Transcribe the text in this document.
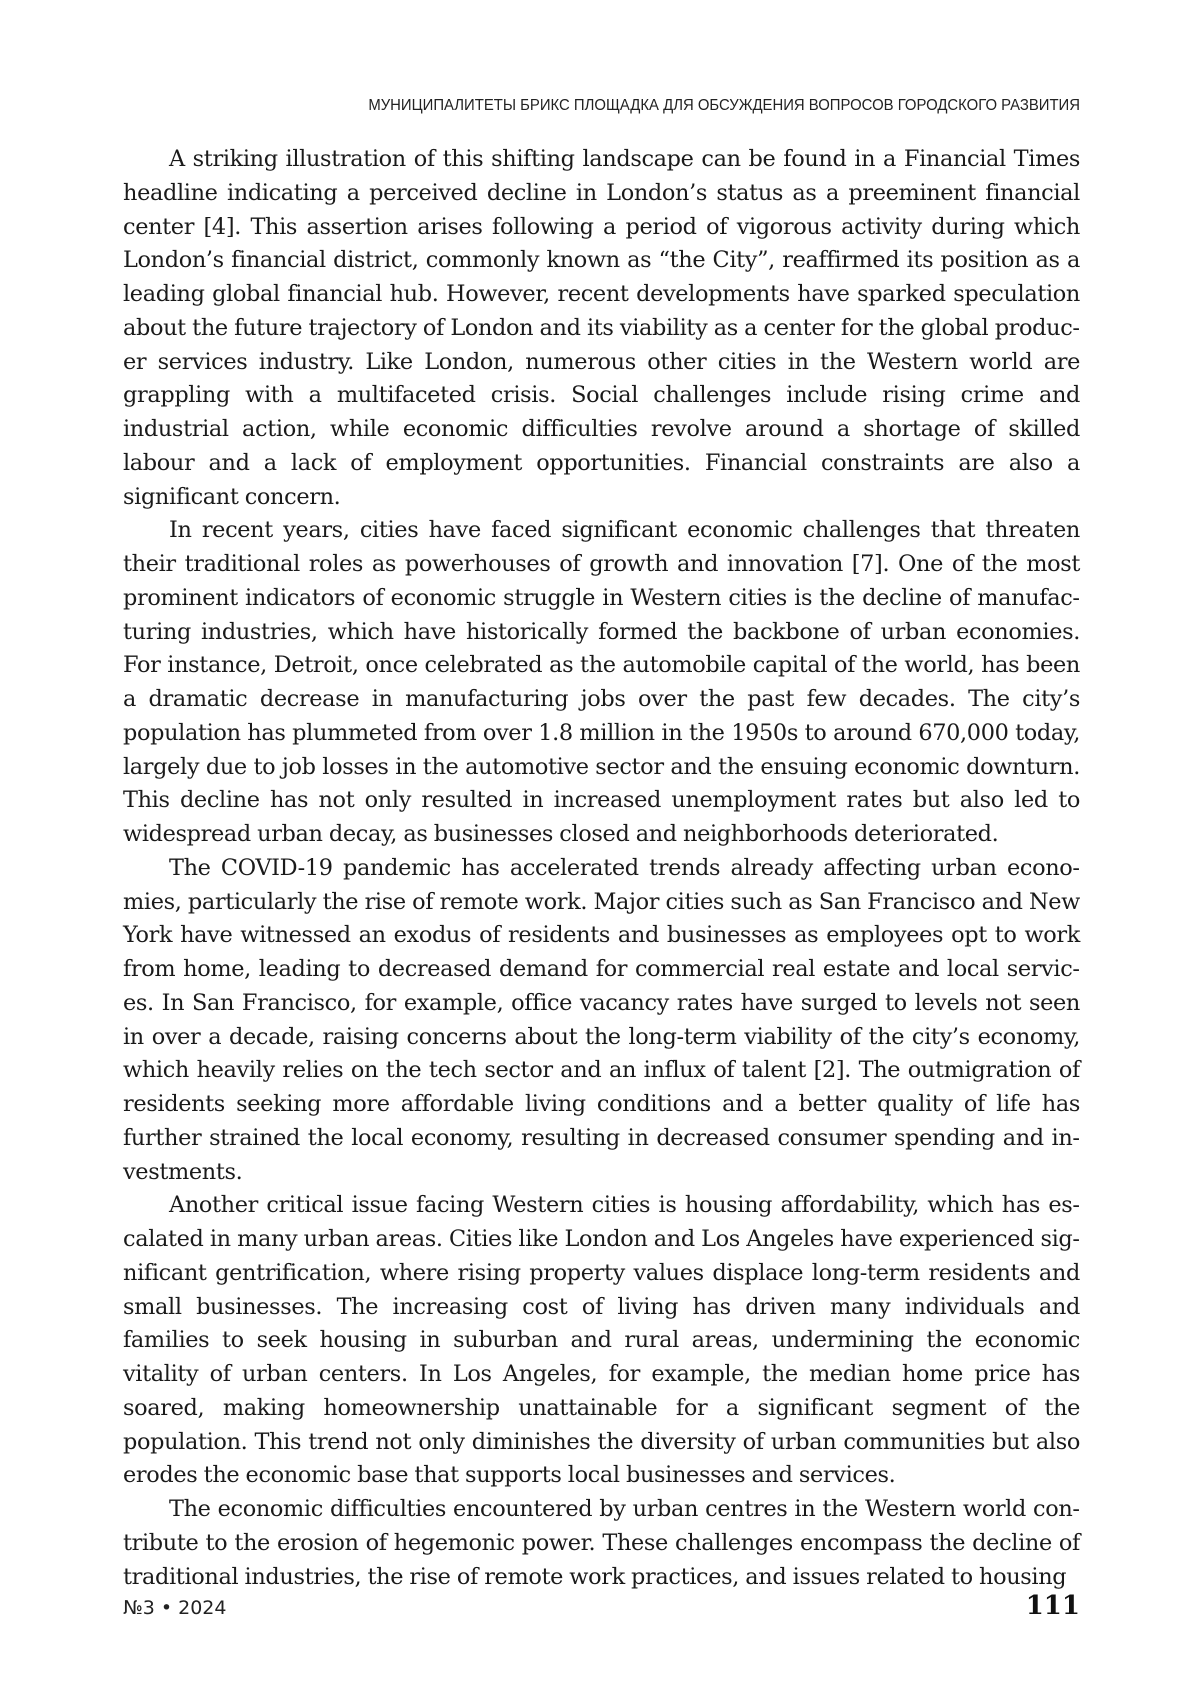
МУНИЦИПАЛИТЕТЫ БРИКС ПЛОЩАДКА ДЛЯ ОБСУЖДЕНИЯ ВОПРОСОВ ГОРОДСКОГО РАЗВИТИЯ

A striking illustration of this shifting landscape can be found in a Financial Times headline indicating a perceived decline in London’s status as a preeminent financial center [4]. This assertion arises following a period of vigorous activity during which London’s financial district, commonly known as “the City”, reaffirmed its position as a leading global financial hub. However, recent developments have sparked speculation about the future trajectory of London and its viability as a center for the global producer services industry. Like London, numerous other cities in the Western world are grappling with a multifaceted crisis. Social challenges include rising crime and industrial action, while economic difficulties revolve around a shortage of skilled labour and a lack of employment opportunities. Financial constraints are also a significant concern.

In recent years, cities have faced significant economic challenges that threaten their traditional roles as powerhouses of growth and innovation [7]. One of the most prominent indicators of economic struggle in Western cities is the decline of manufacturing industries, which have historically formed the backbone of urban economies. For instance, Detroit, once celebrated as the automobile capital of the world, has been a dramatic decrease in manufacturing jobs over the past few decades. The city’s population has plummeted from over 1.8 million in the 1950s to around 670,000 today, largely due to job losses in the automotive sector and the ensuing economic downturn. This decline has not only resulted in increased unemployment rates but also led to widespread urban decay, as businesses closed and neighborhoods deteriorated.

The COVID-19 pandemic has accelerated trends already affecting urban economies, particularly the rise of remote work. Major cities such as San Francisco and New York have witnessed an exodus of residents and businesses as employees opt to work from home, leading to decreased demand for commercial real estate and local services. In San Francisco, for example, office vacancy rates have surged to levels not seen in over a decade, raising concerns about the long-term viability of the city’s economy, which heavily relies on the tech sector and an influx of talent [2]. The outmigration of residents seeking more affordable living conditions and a better quality of life has further strained the local economy, resulting in decreased consumer spending and investments.

Another critical issue facing Western cities is housing affordability, which has escalated in many urban areas. Cities like London and Los Angeles have experienced significant gentrification, where rising property values displace long-term residents and small businesses. The increasing cost of living has driven many individuals and families to seek housing in suburban and rural areas, undermining the economic vitality of urban centers. In Los Angeles, for example, the median home price has soared, making homeownership unattainable for a significant segment of the population. This trend not only diminishes the diversity of urban communities but also erodes the economic base that supports local businesses and services.

The economic difficulties encountered by urban centres in the Western world contribute to the erosion of hegemonic power. These challenges encompass the decline of traditional industries, the rise of remote work practices, and issues related to housing

№3 • 2024	111
